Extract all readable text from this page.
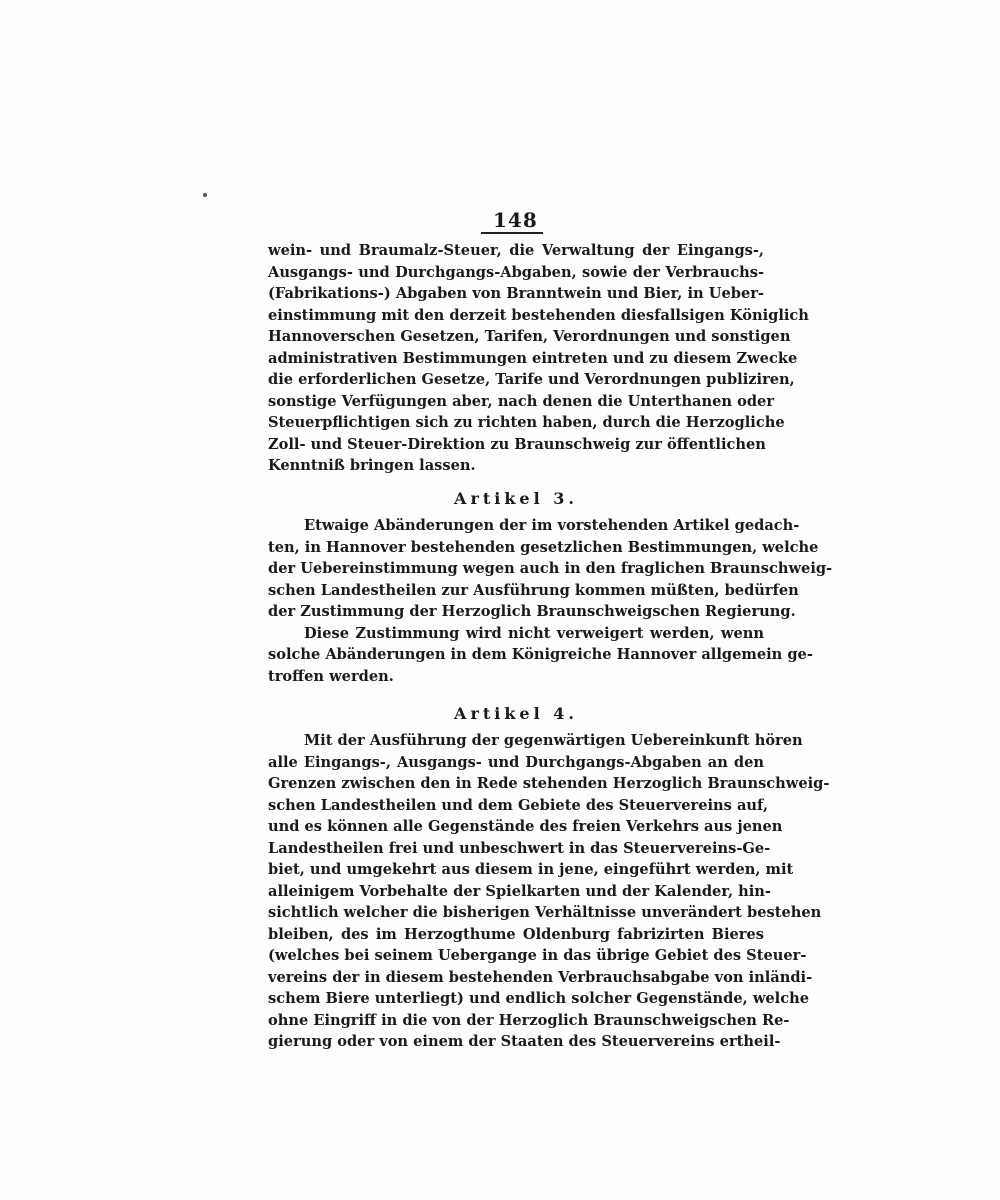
148
wein- und Braumalz-Steuer, die Verwaltung der Eingangs-,
Ausgangs- und Durchgangs-Abgaben, sowie der Verbrauchs-
(Fabrikations-) Abgaben von Branntwein und Bier, in Ueber-
einstimmung mit den derzeit bestehenden diesfallsigen Königlich
Hannoverschen Gesetzen, Tarifen, Verordnungen und sonstigen
administrativen Bestimmungen eintreten und zu diesem Zwecke
die erforderlichen Gesetze, Tarife und Verordnungen publiziren,
sonstige Verfügungen aber, nach denen die Unterthanen oder
Steuerpflichtigen sich zu richten haben, durch die Herzogliche
Zoll- und Steuer-Direktion zu Braunschweig zur öffentlichen
Kenntniß bringen lassen.
Artikel 3.
Etwaige Abänderungen der im vorstehenden Artikel gedach-
ten, in Hannover bestehenden gesetzlichen Bestimmungen, welche
der Uebereinstimmung wegen auch in den fraglichen Braunschweig-
schen Landestheilen zur Ausführung kommen müßten, bedürfen
der Zustimmung der Herzoglich Braunschweigschen Regierung.
Diese Zustimmung wird nicht verweigert werden, wenn
solche Abänderungen in dem Königreiche Hannover allgemein ge-
troffen werden.
Artikel 4.
Mit der Ausführung der gegenwärtigen Uebereinkunft hören
alle Eingangs-, Ausgangs- und Durchgangs-Abgaben an den
Grenzen zwischen den in Rede stehenden Herzoglich Braunschweig-
schen Landestheilen und dem Gebiete des Steuervereins auf,
und es können alle Gegenstände des freien Verkehrs aus jenen
Landestheilen frei und unbeschwert in das Steuervereins-Ge-
biet, und umgekehrt aus diesem in jene, eingeführt werden, mit
alleinigem Vorbehalte der Spielkarten und der Kalender, hin-
sichtlich welcher die bisherigen Verhältnisse unverändert bestehen
bleiben, des im Herzogthume Oldenburg fabrizirten Bieres
(welches bei seinem Uebergange in das übrige Gebiet des Steuer-
vereins der in diesem bestehenden Verbrauchsabgabe von inländi-
schem Biere unterliegt) und endlich solcher Gegenstände, welche
ohne Eingriff in die von der Herzoglich Braunschweigschen Re-
gierung oder von einem der Staaten des Steuervereins ertheil-
